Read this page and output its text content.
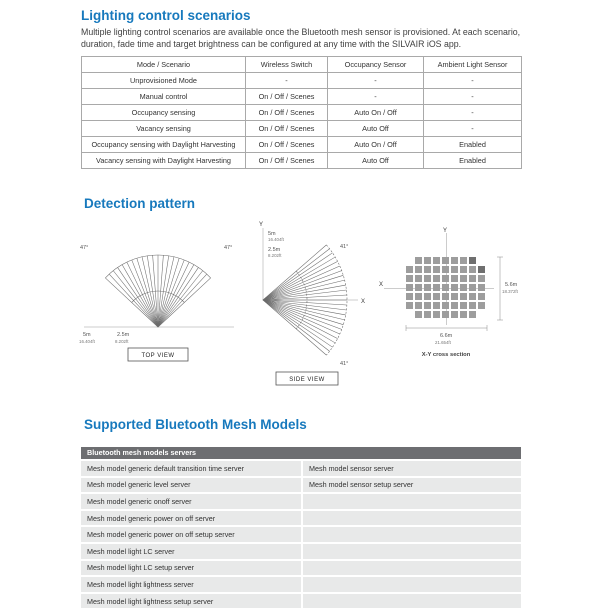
Lighting control scenarios

Multiple lighting control scenarios are available once the Bluetooth mesh sensor is provisioned. At each scenario, duration, fade time and target brightness can be configured at any time with the SILVAIR iOS app.

Mode / Scenario	Wireless Switch	Occupancy Sensor	Ambient Light Sensor
Unprovisioned Mode	-	-	-
Manual control	On / Off / Scenes	-	-
Occupancy sensing	On / Off / Scenes	Auto On / Off	-
Vacancy sensing	On / Off / Scenes	Auto Off	-
Occupancy sensing with Daylight Harvesting	On / Off / Scenes	Auto On / Off	Enabled
Vacancy sensing with Daylight Harvesting	On / Off / Scenes	Auto Off	Enabled
Detection pattern
47°	47°
5m
16.404ft
2.5m
8.202ft
TOP VIEW
Y
X
5m
16.404ft
2.5m
8.202ft
41°
41°
SIDE VIEW
Y
X	5.6m
18.372ft
6.6m
21.654ft
X-Y cross section
Supported Bluetooth Mesh Models
Bluetooth mesh models servers
Mesh model generic default transition time server	Mesh model sensor server
Mesh model generic level server	Mesh model sensor setup server
Mesh model generic onoff server	
Mesh model generic power on off server	
Mesh model generic power on off setup server	
Mesh model light LC server	
Mesh model light LC setup server	
Mesh model light lightness server	
Mesh model light lightness setup server	
